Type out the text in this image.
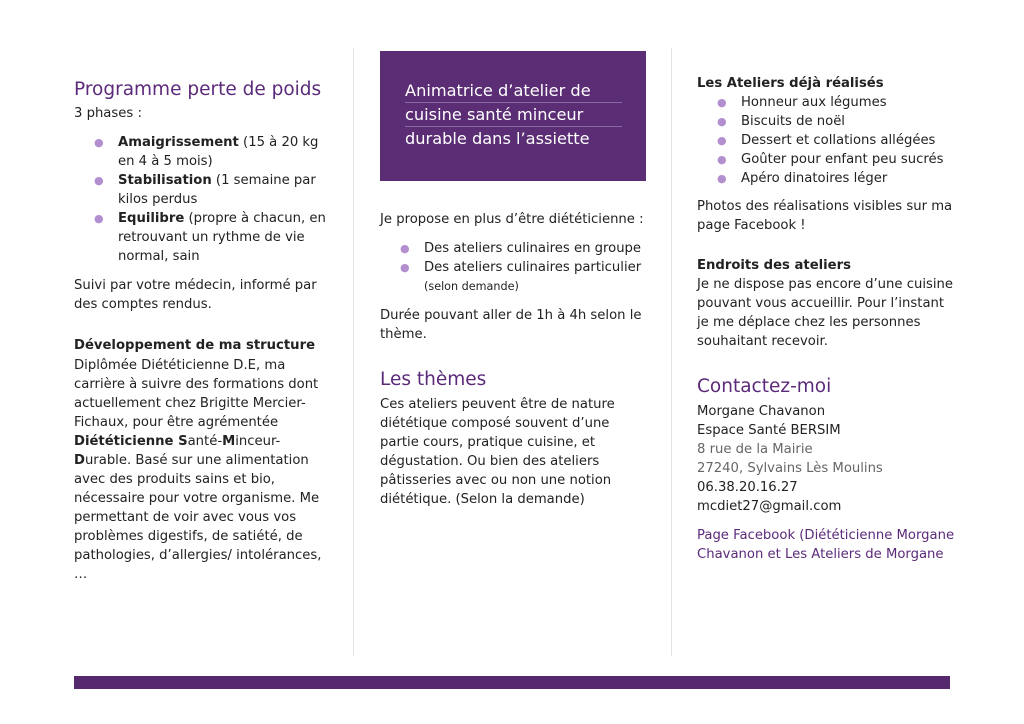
Programme perte de poids

3 phases :

● Amaigrissement (15 à 20 kg en 4 à 5 mois)
● Stabilisation (1 semaine par kilos perdus
● Equilibre (propre à chacun, en retrouvant un rythme de vie normal, sain

Suivi par votre médecin, informé par des comptes rendus.

Développement de ma structure

Diplômée Diététicienne D.E, ma carrière à suivre des formations dont actuellement chez Brigitte Mercier-Fichaux, pour être agrémentée Diététicienne Santé-Minceur-Durable. Basé sur une alimentation avec des produits sains et bio, nécessaire pour votre organisme. Me permettant de voir avec vous vos problèmes digestifs, de satiété, de pathologies, d’allergies/ intolérances, …

Animatrice d’atelier de
cuisine santé minceur
durable dans l’assiette

Je propose en plus d’être diététicienne :

● Des ateliers culinaires en groupe
● Des ateliers culinaires particulier
(selon demande)

Durée pouvant aller de 1h à 4h selon le thème.

Les thèmes

Ces ateliers peuvent être de nature diététique composé souvent d’une partie cours, pratique cuisine, et dégustation. Ou bien des ateliers pâtisseries avec ou non une notion diététique. (Selon la demande)

Les Ateliers déjà réalisés

● Honneur aux légumes
● Biscuits de noël
● Dessert et collations allégées
● Goûter pour enfant peu sucrés
● Apéro dinatoires léger

Photos des réalisations visibles sur ma page Facebook !

Endroits des ateliers

Je ne dispose pas encore d’une cuisine pouvant vous accueillir. Pour l’instant je me déplace chez les personnes souhaitant recevoir.

Contactez-moi

Morgane Chavanon

Espace Santé BERSIM

8 rue de la Mairie

27240, Sylvains Lès Moulins

06.38.20.16.27

mcdiet27@gmail.com

Page Facebook (Diététicienne Morgane Chavanon et Les Ateliers de Morgane
